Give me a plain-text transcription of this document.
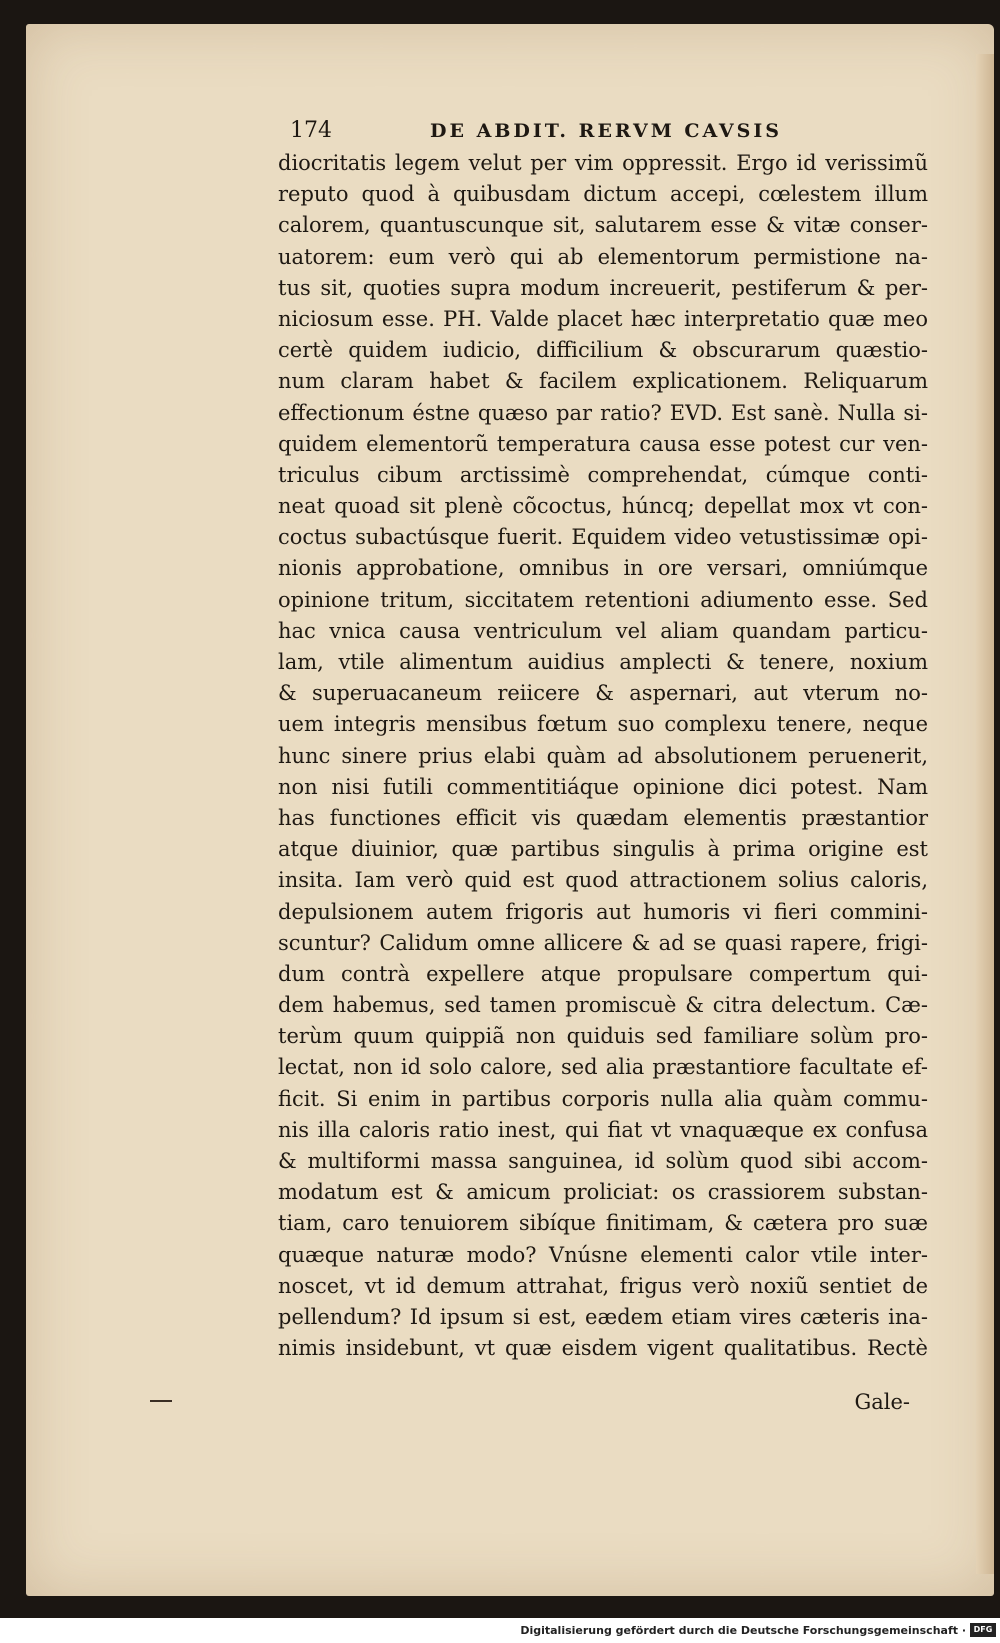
174	DE ABDIT. RERVM CAVSIS
diocritatis legem velut per vim oppressit. Ergo id verissimũ
reputo quod à quibusdam dictum accepi, cœlestem illum
calorem, quantuscunque sit, salutarem esse & vitæ conser-
uatorem: eum verò qui ab elementorum permistione na-
tus sit, quoties supra modum increuerit, pestiferum & per-
niciosum esse. PH. Valde placet hæc interpretatio quæ meo
certè quidem iudicio, difficilium & obscurarum quæstio-
num claram habet & facilem explicationem. Reliquarum
effectionum éstne quæso par ratio? EVD. Est sanè. Nulla si-
quidem elementorũ temperatura causa esse potest cur ven-
triculus cibum arctissimè comprehendat, cúmque conti-
neat quoad sit plenè cõcoctus, húncq; depellat mox vt con-
coctus subactúsque fuerit. Equidem video vetustissimæ opi-
nionis approbatione, omnibus in ore versari, omniúmque
opinione tritum, siccitatem retentioni adiumento esse. Sed
hac vnica causa ventriculum vel aliam quandam particu-
lam, vtile alimentum auidius amplecti & tenere, noxium
& superuacaneum reiicere & aspernari, aut vterum no-
uem integris mensibus fœtum suo complexu tenere, neque
hunc sinere prius elabi quàm ad absolutionem peruenerit,
non nisi futili commentitiáque opinione dici potest. Nam
has functiones efficit vis quædam elementis præstantior
atque diuinior, quæ partibus singulis à prima origine est
insita. Iam verò quid est quod attractionem solius caloris,
depulsionem autem frigoris aut humoris vi fieri commini-
scuntur? Calidum omne allicere & ad se quasi rapere, frigi-
dum contrà expellere atque propulsare compertum qui-
dem habemus, sed tamen promiscuè & citra delectum. Cæ-
terùm quum quippiã non quiduis sed familiare solùm pro-
lectat, non id solo calore, sed alia præstantiore facultate ef-
ficit. Si enim in partibus corporis nulla alia quàm commu-
nis illa caloris ratio inest, qui fiat vt vnaquæque ex confusa
& multiformi massa sanguinea, id solùm quod sibi accom-
modatum est & amicum proliciat: os crassiorem substan-
tiam, caro tenuiorem sibíque finitimam, & cætera pro suæ
quæque naturæ modo? Vnúsne elementi calor vtile inter-
noscet, vt id demum attrahat, frigus verò noxiũ sentiet de
pellendum? Id ipsum si est, eædem etiam vires cæteris ina-
nimis insidebunt, vt quæ eisdem vigent qualitatibus. Rectè
Gale-
Digitalisierung gefördert durch die Deutsche Forschungsgemeinschaft · DFG
